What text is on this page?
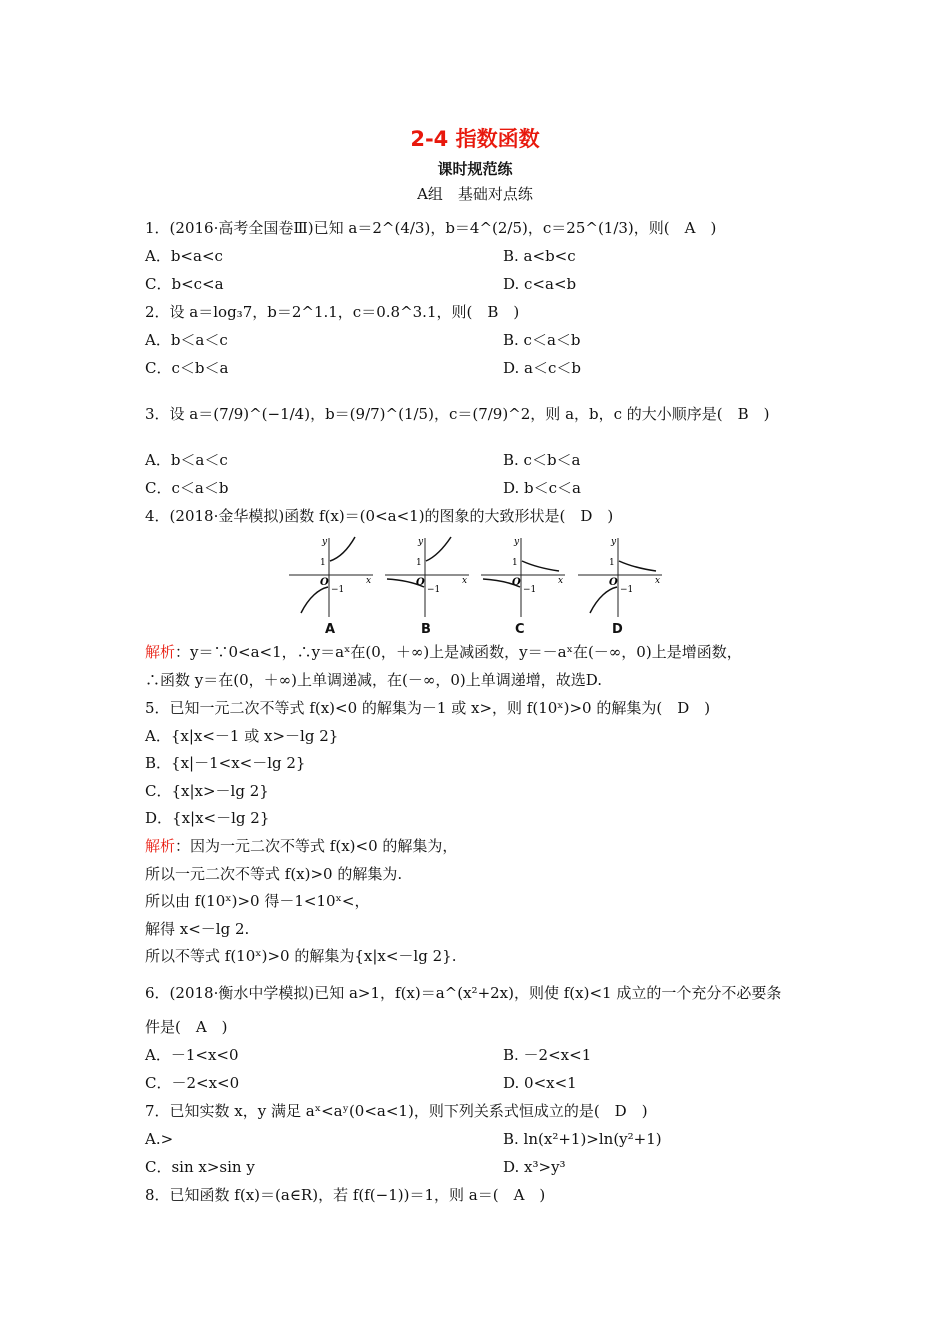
2-4 指数函数
课时规范练
A组　基础对点练
1．(2016·高考全国卷Ⅲ)已知 a＝2^(4/3)，b＝4^(2/5)，c＝25^(1/3)，则(　A　)
A．b<a<c	B. a<b<c
C．b<c<a	D. c<a<b
2．设 a＝log₃7，b＝2^1.1，c＝0.8^3.1，则(　B　)
A．b＜a＜c	B. c＜a＜b
C．c＜b＜a	D. a＜c＜b
3．设 a＝(7/9)^(−1/4)，b＝(9/7)^(1/5)，c＝(7/9)^2，则 a，b，c 的大小顺序是(　B　)
A．b＜a＜c	B. c＜b＜a
C．c＜a＜b	D. b＜c＜a
4．(2018·金华模拟)函数 f(x)＝(0<a<1)的图象的大致形状是(　D　)
y
x
O
1
−1
y
x
O
1
−1
y
x
O
1
−1
y
x
O
1
−1
A	B	C	D
解析：y＝∵0<a<1，∴y＝aˣ在(0，＋∞)上是减函数，y＝－aˣ在(－∞，0)上是增函数，
∴函数 y＝在(0，＋∞)上单调递减，在(－∞，0)上单调递增，故选D.
5．已知一元二次不等式 f(x)<0 的解集为－1 或 x>，则 f(10ˣ)>0 的解集为(　D　)
A．{x|x<－1 或 x>－lg 2}
B．{x|－1<x<－lg 2}
C．{x|x>－lg 2}
D．{x|x<－lg 2}
解析：因为一元二次不等式 f(x)<0 的解集为，
所以一元二次不等式 f(x)>0 的解集为.
所以由 f(10ˣ)>0 得－1<10ˣ<，
解得 x<－lg 2.
所以不等式 f(10ˣ)>0 的解集为{x|x<－lg 2}.
6．(2018·衡水中学模拟)已知 a>1，f(x)＝a^(x²+2x)，则使 f(x)<1 成立的一个充分不必要条
件是(　A　)
A．－1<x<0	B. －2<x<1
C．－2<x<0	D. 0<x<1
7．已知实数 x，y 满足 aˣ<aʸ(0<a<1)，则下列关系式恒成立的是(　D　)
A.>	B. ln(x²+1)>ln(y²+1)
C．sin x>sin y	D. x³>y³
8．已知函数 f(x)＝(a∈R)，若 f(f(−1))＝1，则 a＝(　A　)
